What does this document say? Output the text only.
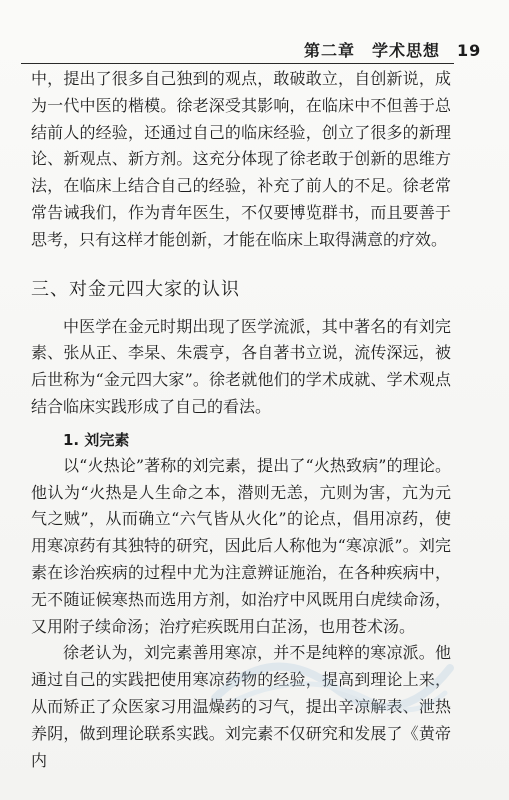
第二章　学术思想　19

中，提出了很多自己独到的观点，敢破敢立，自创新说，成为一代中医的楷模。徐老深受其影响，在临床中不但善于总结前人的经验，还通过自己的临床经验，创立了很多的新理论、新观点、新方剂。这充分体现了徐老敢于创新的思维方法，在临床上结合自己的经验，补充了前人的不足。徐老常常告诫我们，作为青年医生，不仅要博览群书，而且要善于思考，只有这样才能创新，才能在临床上取得满意的疗效。

三、对金元四大家的认识

中医学在金元时期出现了医学流派，其中著名的有刘完素、张从正、李杲、朱震亨，各自著书立说，流传深远，被后世称为“金元四大家”。徐老就他们的学术成就、学术观点结合临床实践形成了自己的看法。

1. 刘完素

以“火热论”著称的刘完素，提出了“火热致病”的理论。他认为“火热是人生命之本，潜则无恙，亢则为害，亢为元气之贼”，从而确立“六气皆从火化”的论点，倡用凉药，使用寒凉药有其独特的研究，因此后人称他为“寒凉派”。刘完素在诊治疾病的过程中尤为注意辨证施治，在各种疾病中，无不随证候寒热而选用方剂，如治疗中风既用白虎续命汤，又用附子续命汤；治疗疟疾既用白芷汤，也用苍术汤。

徐老认为，刘完素善用寒凉，并不是纯粹的寒凉派。他通过自己的实践把使用寒凉药物的经验，提高到理论上来，从而矫正了众医家习用温燥药的习气，提出辛凉解表、泄热养阴，做到理论联系实践。刘完素不仅研究和发展了《黄帝内
